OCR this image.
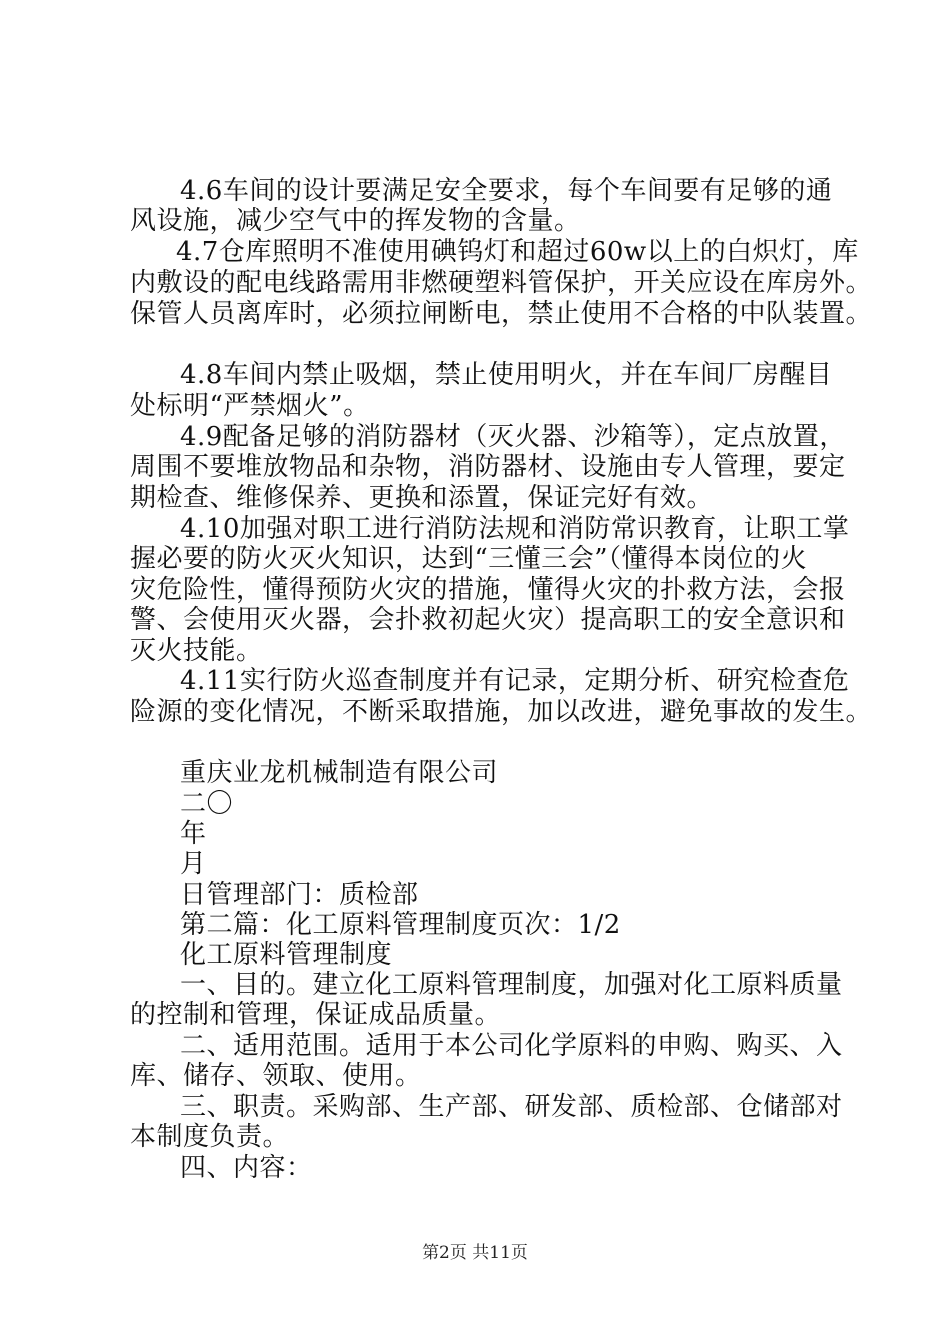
4.6车间的设计要满足安全要求，每个车间要有足够的通
风设施，减少空气中的挥发物的含量。
4.7仓库照明不准使用碘钨灯和超过60w以上的白炽灯，库
内敷设的配电线路需用非燃硬塑料管保护，开关应设在库房外。
保管人员离库时，必须拉闸断电，禁止使用不合格的中队装置。
4.8车间内禁止吸烟，禁止使用明火，并在车间厂房醒目
处标明“严禁烟火”。
4.9配备足够的消防器材（灭火器、沙箱等），定点放置，
周围不要堆放物品和杂物，消防器材、设施由专人管理，要定
期检查、维修保养、更换和添置，保证完好有效。
4.10加强对职工进行消防法规和消防常识教育，让职工掌
握必要的防火灭火知识，达到“三懂三会”（懂得本岗位的火
灾危险性，懂得预防火灾的措施，懂得火灾的扑救方法，会报
警、会使用灭火器，会扑救初起火灾）提高职工的安全意识和
灭火技能。
4.11实行防火巡查制度并有记录，定期分析、研究检查危
险源的变化情况，不断采取措施，加以改进，避免事故的发生。
重庆业龙机械制造有限公司
二〇
年
月
日管理部门：质检部
第二篇：化工原料管理制度页次：1/2
化工原料管理制度
一、目的。建立化工原料管理制度，加强对化工原料质量
的控制和管理，保证成品质量。
二、适用范围。适用于本公司化学原料的申购、购买、入
库、储存、领取、使用。
三、职责。采购部、生产部、研发部、质检部、仓储部对
本制度负责。
四、内容：
第2页 共11页
